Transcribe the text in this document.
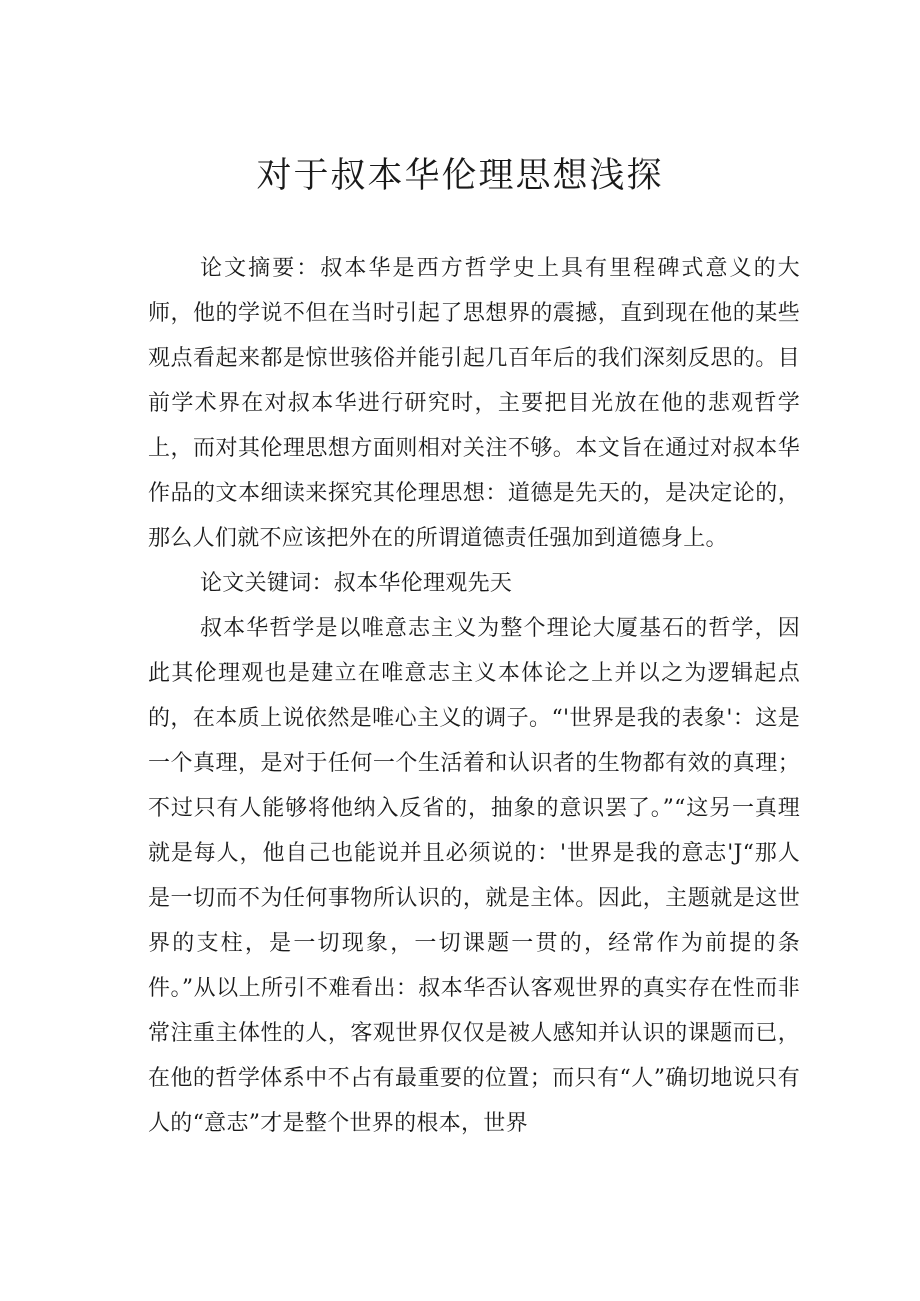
对于叔本华伦理思想浅探

论文摘要：叔本华是西方哲学史上具有里程碑式意义的大师，他的学说不但在当时引起了思想界的震撼，直到现在他的某些观点看起来都是惊世骇俗并能引起几百年后的我们深刻反思的。目前学术界在对叔本华进行研究时，主要把目光放在他的悲观哲学上，而对其伦理思想方面则相对关注不够。本文旨在通过对叔本华作品的文本细读来探究其伦理思想：道德是先天的，是决定论的，那么人们就不应该把外在的所谓道德责任强加到道德身上。

论文关键词：叔本华伦理观先天

叔本华哲学是以唯意志主义为整个理论大厦基石的哲学，因此其伦理观也是建立在唯意志主义本体论之上并以之为逻辑起点的，在本质上说依然是唯心主义的调子。“'世界是我的表象'：这是一个真理，是对于任何一个生活着和认识者的生物都有效的真理；不过只有人能够将他纳入反省的，抽象的意识罢了。”“这另一真理就是每人，他自己也能说并且必须说的：'世界是我的意志'J“那人是一切而不为任何事物所认识的，就是主体。因此，主题就是这世界的支柱，是一切现象，一切课题一贯的，经常作为前提的条件。”从以上所引不难看出：叔本华否认客观世界的真实存在性而非常注重主体性的人，客观世界仅仅是被人感知并认识的课题而已，在他的哲学体系中不占有最重要的位置；而只有“人”确切地说只有人的“意志”才是整个世界的根本，世界
